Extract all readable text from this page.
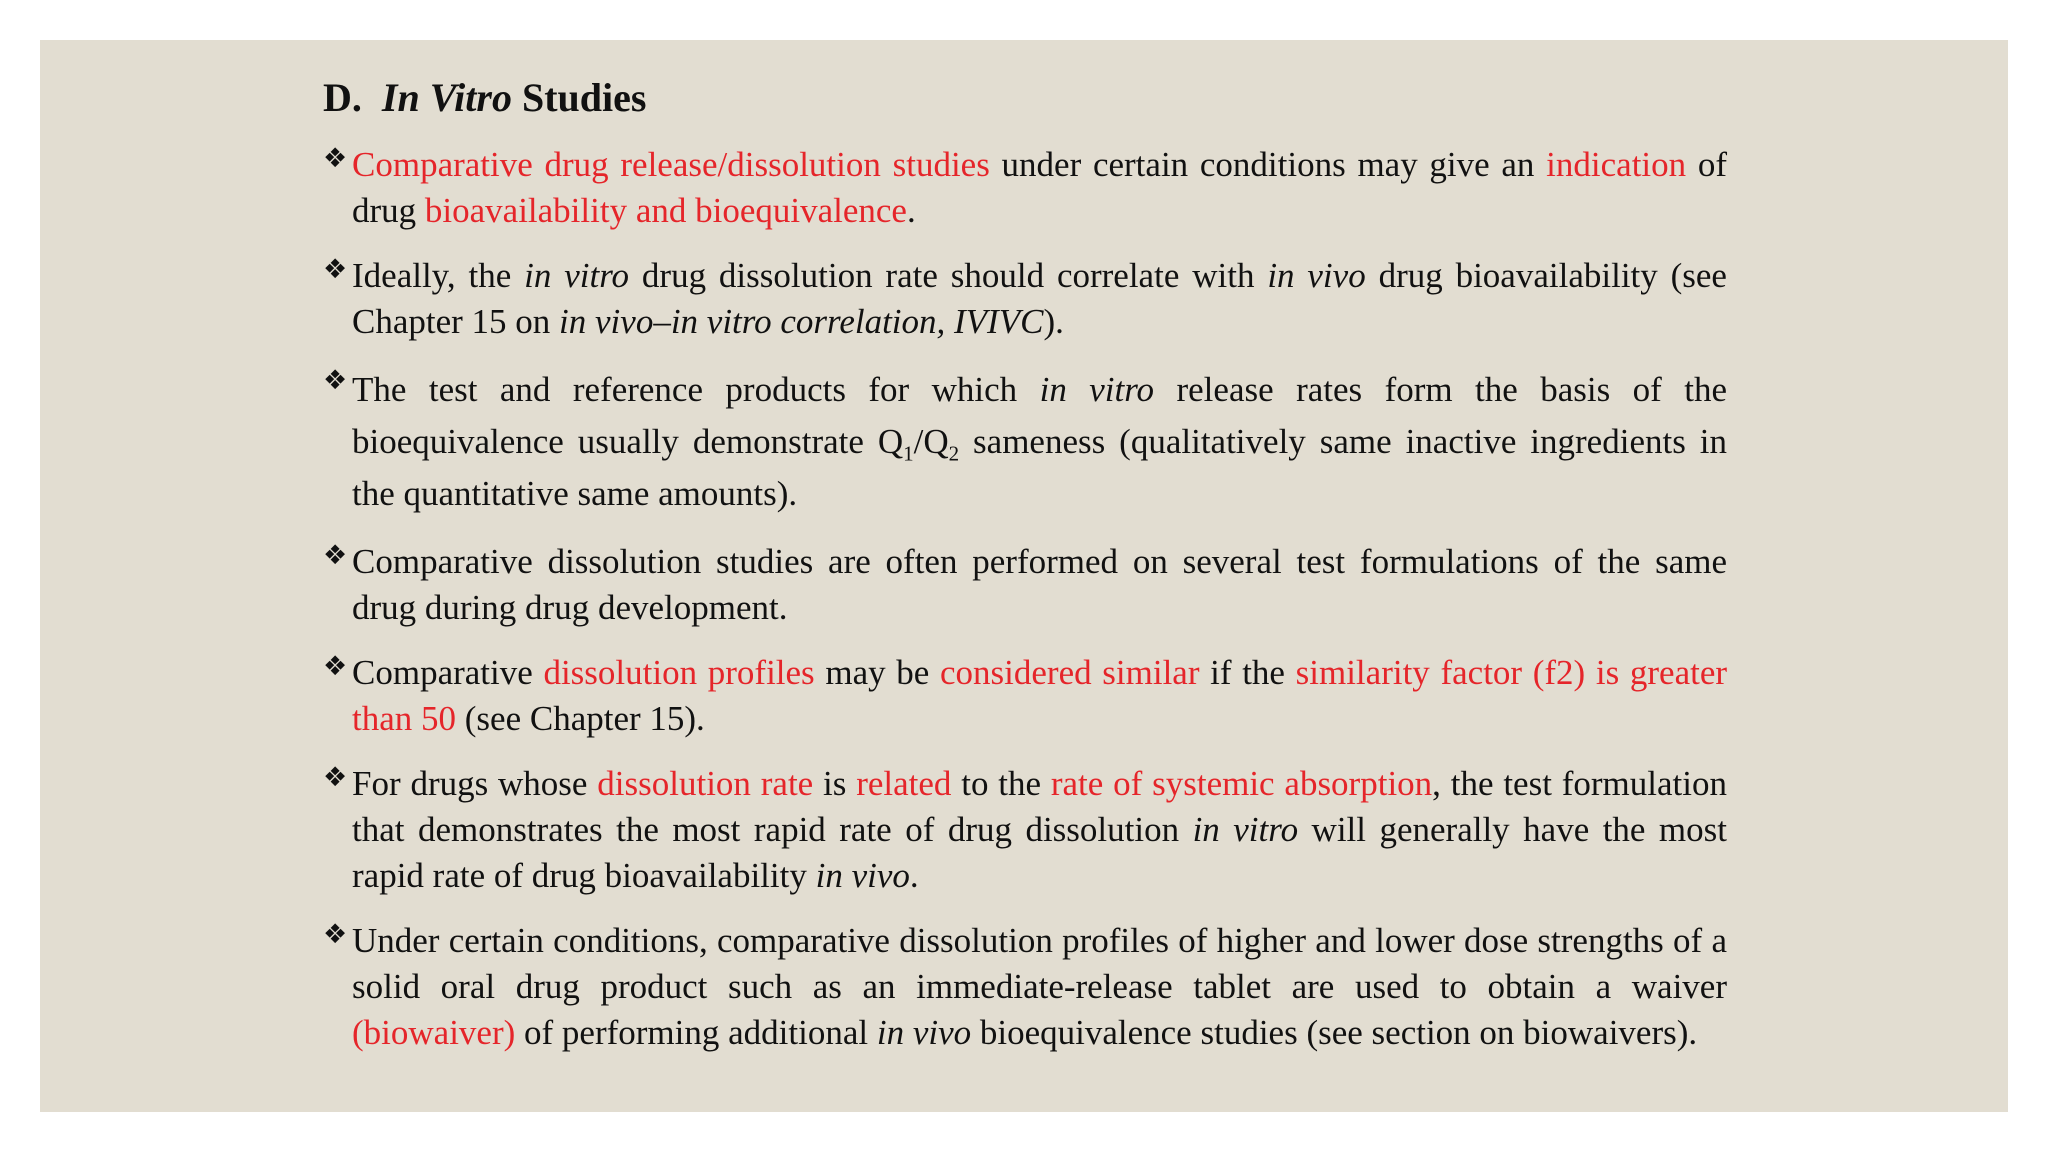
D. In Vitro Studies
❖ Comparative drug release/dissolution studies under certain conditions may give an indication of drug bioavailability and bioequivalence.
❖ Ideally, the in vitro drug dissolution rate should correlate with in vivo drug bioavailability (see Chapter 15 on in vivo–in vitro correlation, IVIVC).
❖ The test and reference products for which in vitro release rates form the basis of the bioequivalence usually demonstrate $Q_1/Q_2$ sameness (qualitatively same inactive ingredients in the quantitative same amounts).
❖ Comparative dissolution studies are often performed on several test formulations of the same drug during drug development.
❖ Comparative dissolution profiles may be considered similar if the similarity factor (f2) is greater than 50 (see Chapter 15).
❖ For drugs whose dissolution rate is related to the rate of systemic absorption, the test formulation that demonstrates the most rapid rate of drug dissolution in vitro will generally have the most rapid rate of drug bioavailability in vivo.
❖ Under certain conditions, comparative dissolution profiles of higher and lower dose strengths of a solid oral drug product such as an immediate-release tablet are used to obtain a waiver (biowaiver) of performing additional in vivo bioequivalence studies (see section on biowaivers).
